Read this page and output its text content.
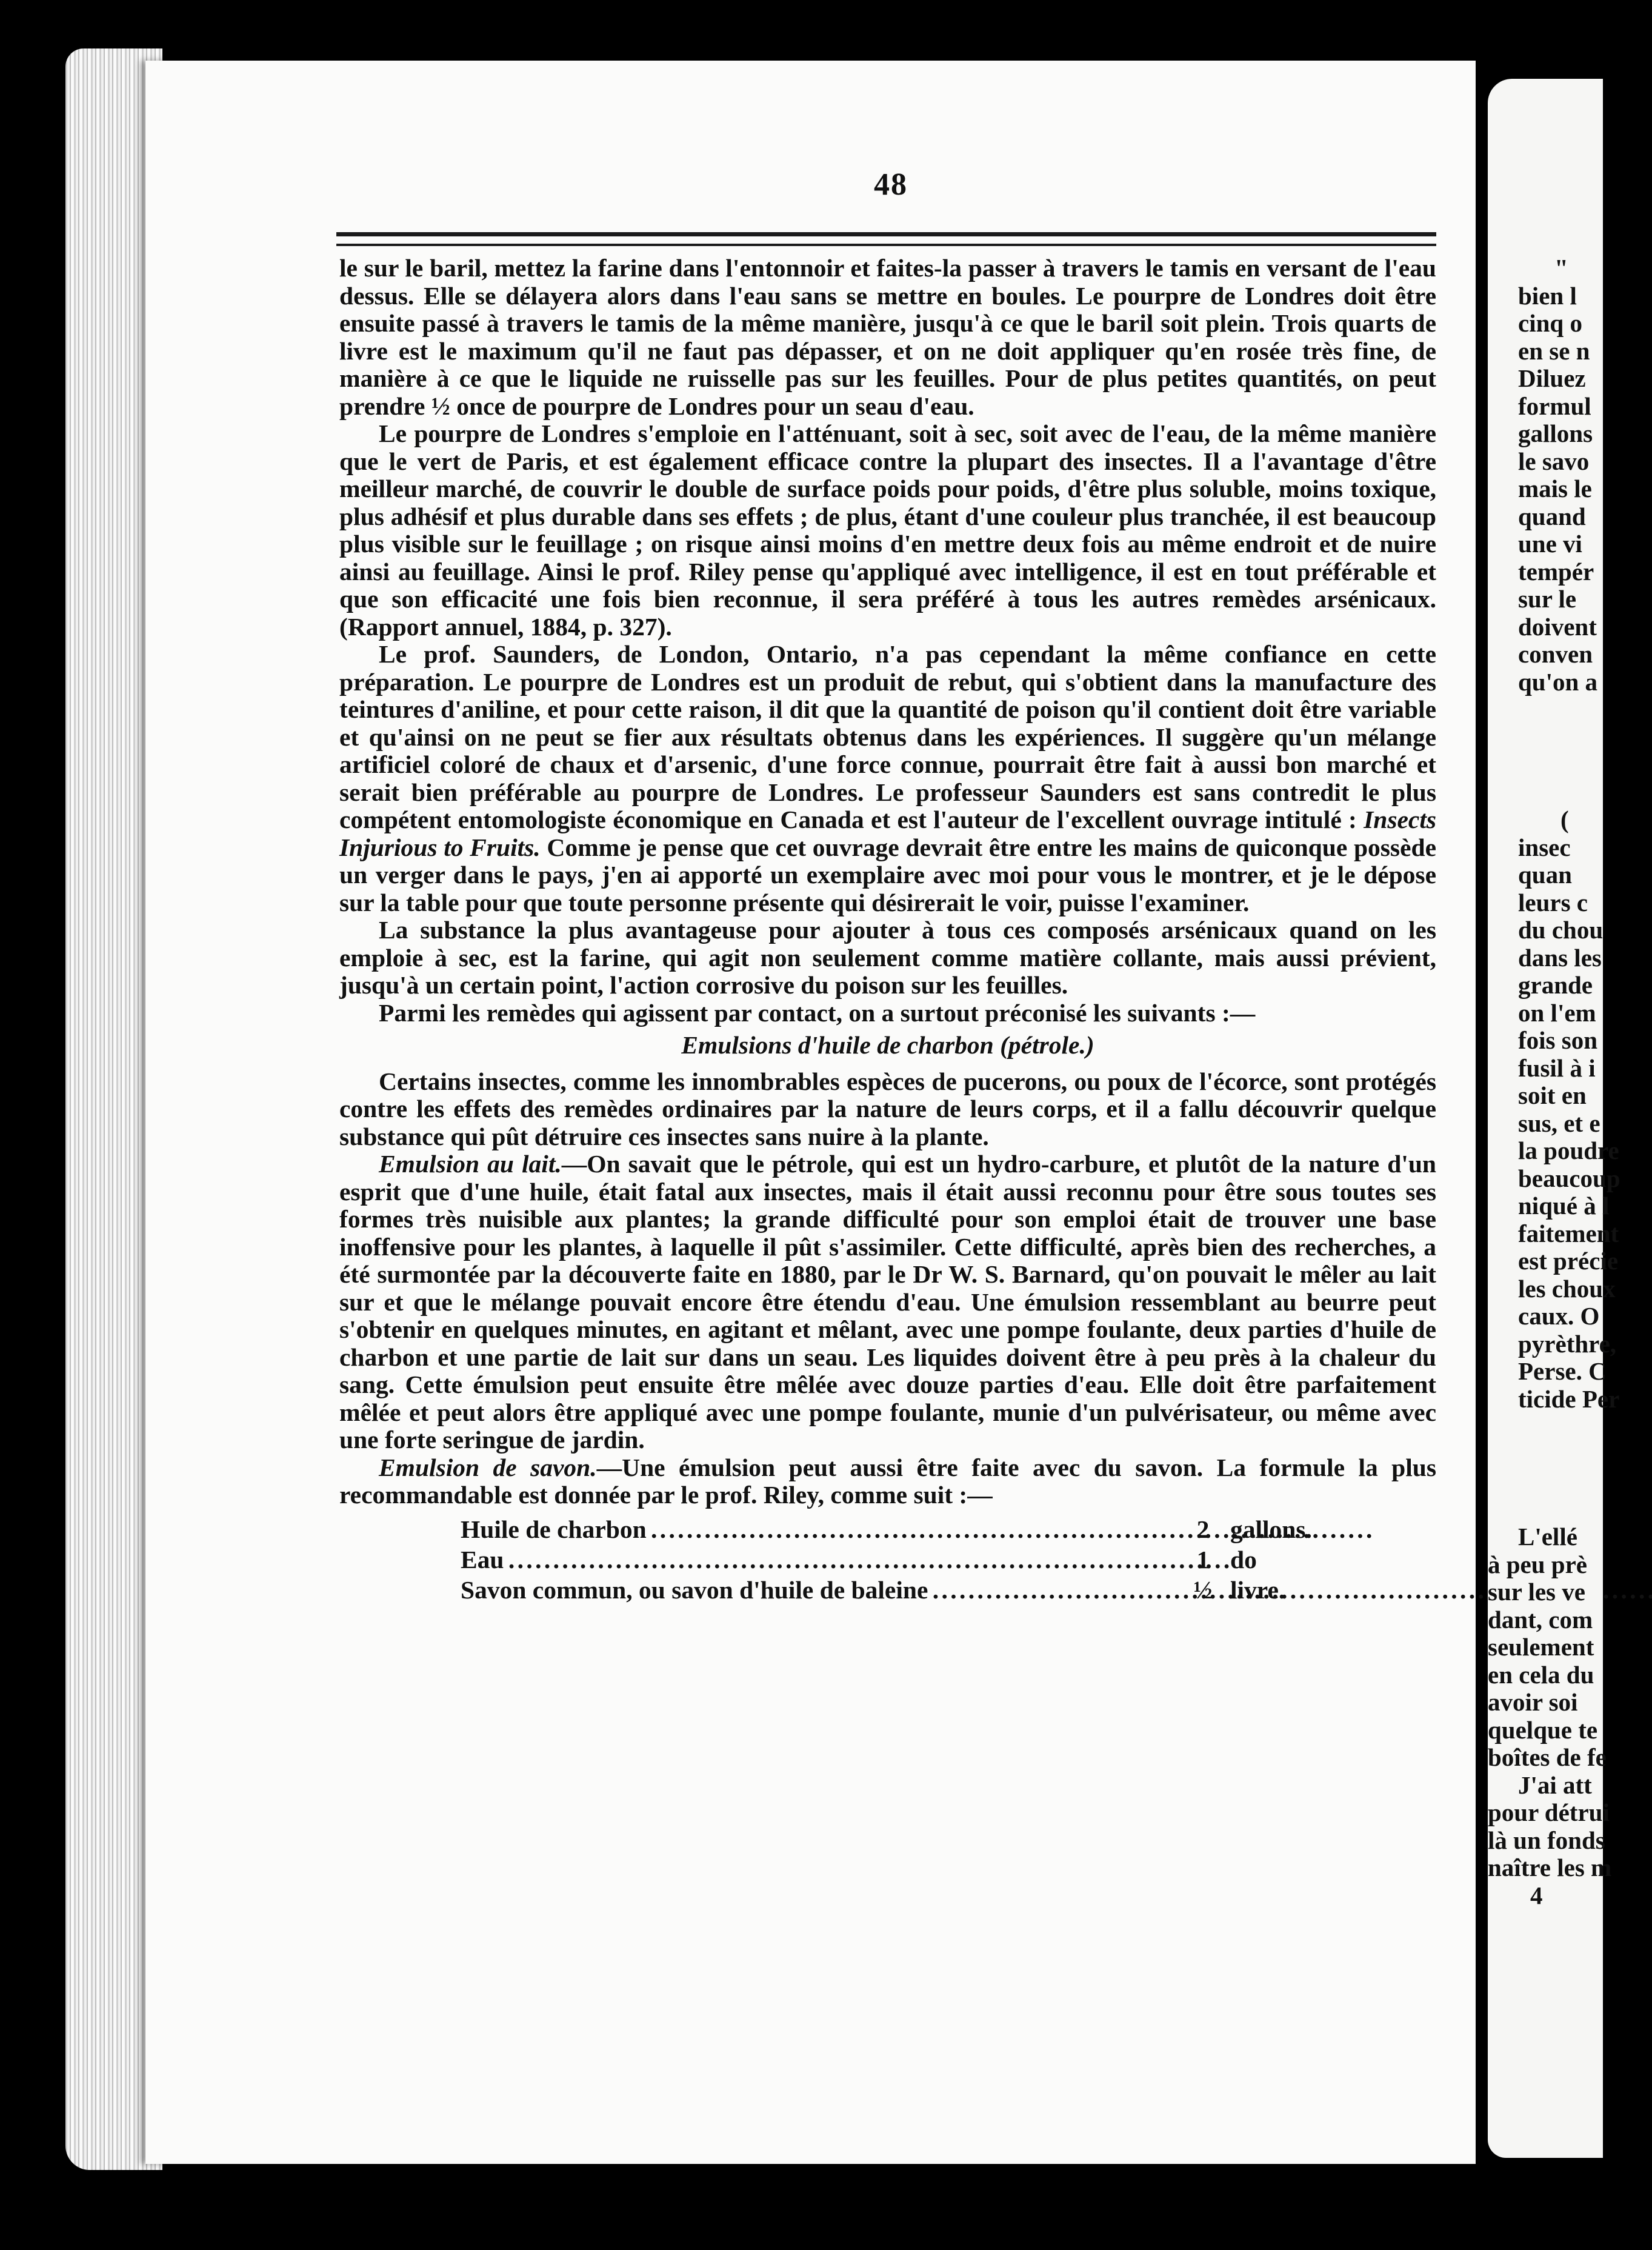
48

le sur le baril, mettez la farine dans l'entonnoir et faites-la passer à travers le tamis en versant de l'eau dessus. Elle se délayera alors dans l'eau sans se mettre en boules. Le pourpre de Londres doit être ensuite passé à travers le tamis de la même manière, jusqu'à ce que le baril soit plein. Trois quarts de livre est le maximum qu'il ne faut pas dépasser, et on ne doit appliquer qu'en rosée très fine, de manière à ce que le liquide ne ruisselle pas sur les feuilles. Pour de plus petites quantités, on peut prendre ½ once de pourpre de Londres pour un seau d'eau.

Le pourpre de Londres s'emploie en l'atténuant, soit à sec, soit avec de l'eau, de la même manière que le vert de Paris, et est également efficace contre la plupart des insectes. Il a l'avantage d'être meilleur marché, de couvrir le double de surface poids pour poids, d'être plus soluble, moins toxique, plus adhésif et plus durable dans ses effets ; de plus, étant d'une couleur plus tranchée, il est beaucoup plus visible sur le feuillage ; on risque ainsi moins d'en mettre deux fois au même endroit et de nuire ainsi au feuillage. Ainsi le prof. Riley pense qu'appliqué avec intelligence, il est en tout préférable et que son efficacité une fois bien reconnue, il sera préféré à tous les autres remèdes arsénicaux. (Rapport annuel, 1884, p. 327).

Le prof. Saunders, de London, Ontario, n'a pas cependant la même confiance en cette préparation. Le pourpre de Londres est un produit de rebut, qui s'obtient dans la manufacture des teintures d'aniline, et pour cette raison, il dit que la quantité de poison qu'il contient doit être variable et qu'ainsi on ne peut se fier aux résultats obtenus dans les expériences. Il suggère qu'un mélange artificiel coloré de chaux et d'arsenic, d'une force connue, pourrait être fait à aussi bon marché et serait bien préférable au pourpre de Londres. Le professeur Saunders est sans contredit le plus compétent entomologiste économique en Canada et est l'auteur de l'excellent ouvrage intitulé : Insects Injurious to Fruits. Comme je pense que cet ouvrage devrait être entre les mains de quiconque possède un verger dans le pays, j'en ai apporté un exemplaire avec moi pour vous le montrer, et je le dépose sur la table pour que toute personne présente qui désirerait le voir, puisse l'examiner.

La substance la plus avantageuse pour ajouter à tous ces composés arsénicaux quand on les emploie à sec, est la farine, qui agit non seulement comme matière collante, mais aussi prévient, jusqu'à un certain point, l'action corrosive du poison sur les feuilles.

Parmi les remèdes qui agissent par contact, on a surtout préconisé les suivants :—

Emulsions d'huile de charbon (pétrole.)

Certains insectes, comme les innombrables espèces de pucerons, ou poux de l'écorce, sont protégés contre les effets des remèdes ordinaires par la nature de leurs corps, et il a fallu découvrir quelque substance qui pût détruire ces insectes sans nuire à la plante.

Emulsion au lait.—On savait que le pétrole, qui est un hydro-carbure, et plutôt de la nature d'un esprit que d'une huile, était fatal aux insectes, mais il était aussi reconnu pour être sous toutes ses formes très nuisible aux plantes; la grande difficulté pour son emploi était de trouver une base inoffensive pour les plantes, à laquelle il pût s'assimiler. Cette difficulté, après bien des recherches, a été surmontée par la découverte faite en 1880, par le Dr W. S. Barnard, qu'on pouvait le mêler au lait sur et que le mélange pouvait encore être étendu d'eau. Une émulsion ressemblant au beurre peut s'obtenir en quelques minutes, en agitant et mêlant, avec une pompe foulante, deux parties d'huile de charbon et une partie de lait sur dans un seau. Les liquides doivent être à peu près à la chaleur du sang. Cette émulsion peut ensuite être mêlée avec douze parties d'eau. Elle doit être parfaitement mêlée et peut alors être appliqué avec une pompe foulante, munie d'un pulvérisateur, ou même avec une forte seringue de jardin.

Emulsion de savon.—Une émulsion peut aussi être faite avec du savon. La formule la plus recommandable est donnée par le prof. Riley, comme suit :—

Huile de charbon . . .	2 gallons.
Eau . . .	1 do
Savon commun, ou savon d'huile de baleine . . .	½ livre.
"
bien l
cinq o
en se n
Diluez
formul
gallons
le savo
mais le
quand
une vi
tempér
sur le
doivent
conven
qu'on a
(
insec
quan
leurs c
du chou
dans les
grande
on l'em
fois son
fusil à i
soit en
sus, et e
la poudre
beaucoup
niqué à l
faitement
est précie
les choux
caux. O
pyrèthre,
Perse. C
ticide Per
L'ellé
à peu prè
sur les ve
dant, com
seulement
en cela du
avoir soi
quelque te
boîtes de fe
J'ai att
pour détrui
là un fonds
naître les m
4
